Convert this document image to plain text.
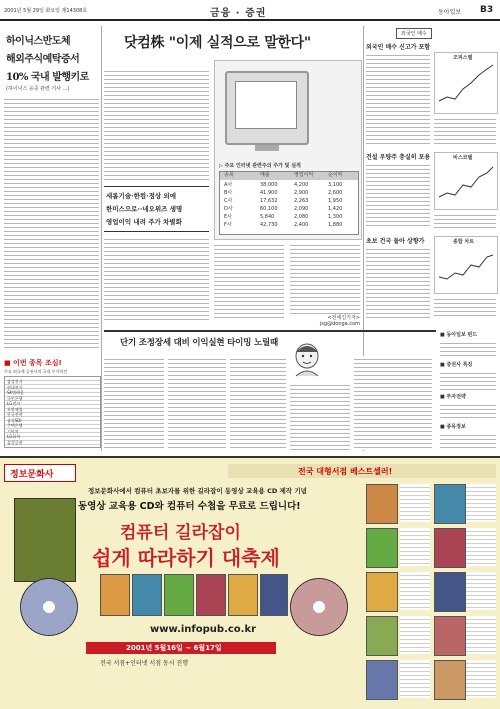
2001년 5월 29일 화요일 제14308호	금융 · 증권	동아일보 B3
하이닉스반도체
해외주식예탁증서
10% 국내 발행키로
(하이닉스 유증 관련 기사 ...)
■ 이번 종목 조심!
주요 외국계 증권사의 국내 투자의견
삼성전자
현대전자
SK텔레콤
국민은행
LG전자
포항제철
한국전력
삼성SDI
주택은행
기아차
LG화학
삼성증권
닷컴株 "이제 실적으로 말한다"
▷ 주요 인터넷 관련주의 주가 및 실적
종목	매출	영업이익	순이익
A사	38,000	4,200	3,100
B사	41,900	2,900	2,600
C사	17,632	2,263	1,950
D사	60,100	2,090	1,420
E사	5,840	2,080	1,300
F사	42,730	2,400	1,880
새롬기술·한컴·정상 외에
한미스으로··네오위즈 생명
영업이익 내려 주가 차별화
<전세진기자> jsg@donga.com
외국인 매수
외국인 매수 신고가 포함
오피스텔
건설 우량주 충실히 포용	비스코텔
초보 건국 돌아 상향가	종합 차트
단기 조정장세 대비 이익실현 타이밍 노릴때
■ 동아일보 펀드
■ 증권사 특징
■ 투자전략
■ 종목정보
정보문화사	전국 대형서점 베스트셀러!
정보문화사에서 컴퓨터 초보자를 위한 길라잡이 동영상 교육용 CD 제작 기념
동영상 교육용 CD와 컴퓨터 수첩을 무료로 드립니다!
컴퓨터 길라잡이
쉽게 따라하기 대축제
www.infopub.co.kr
2001년 5월16일 ~ 6월17일
전국 서점+인터넷 서점 동시 진행
